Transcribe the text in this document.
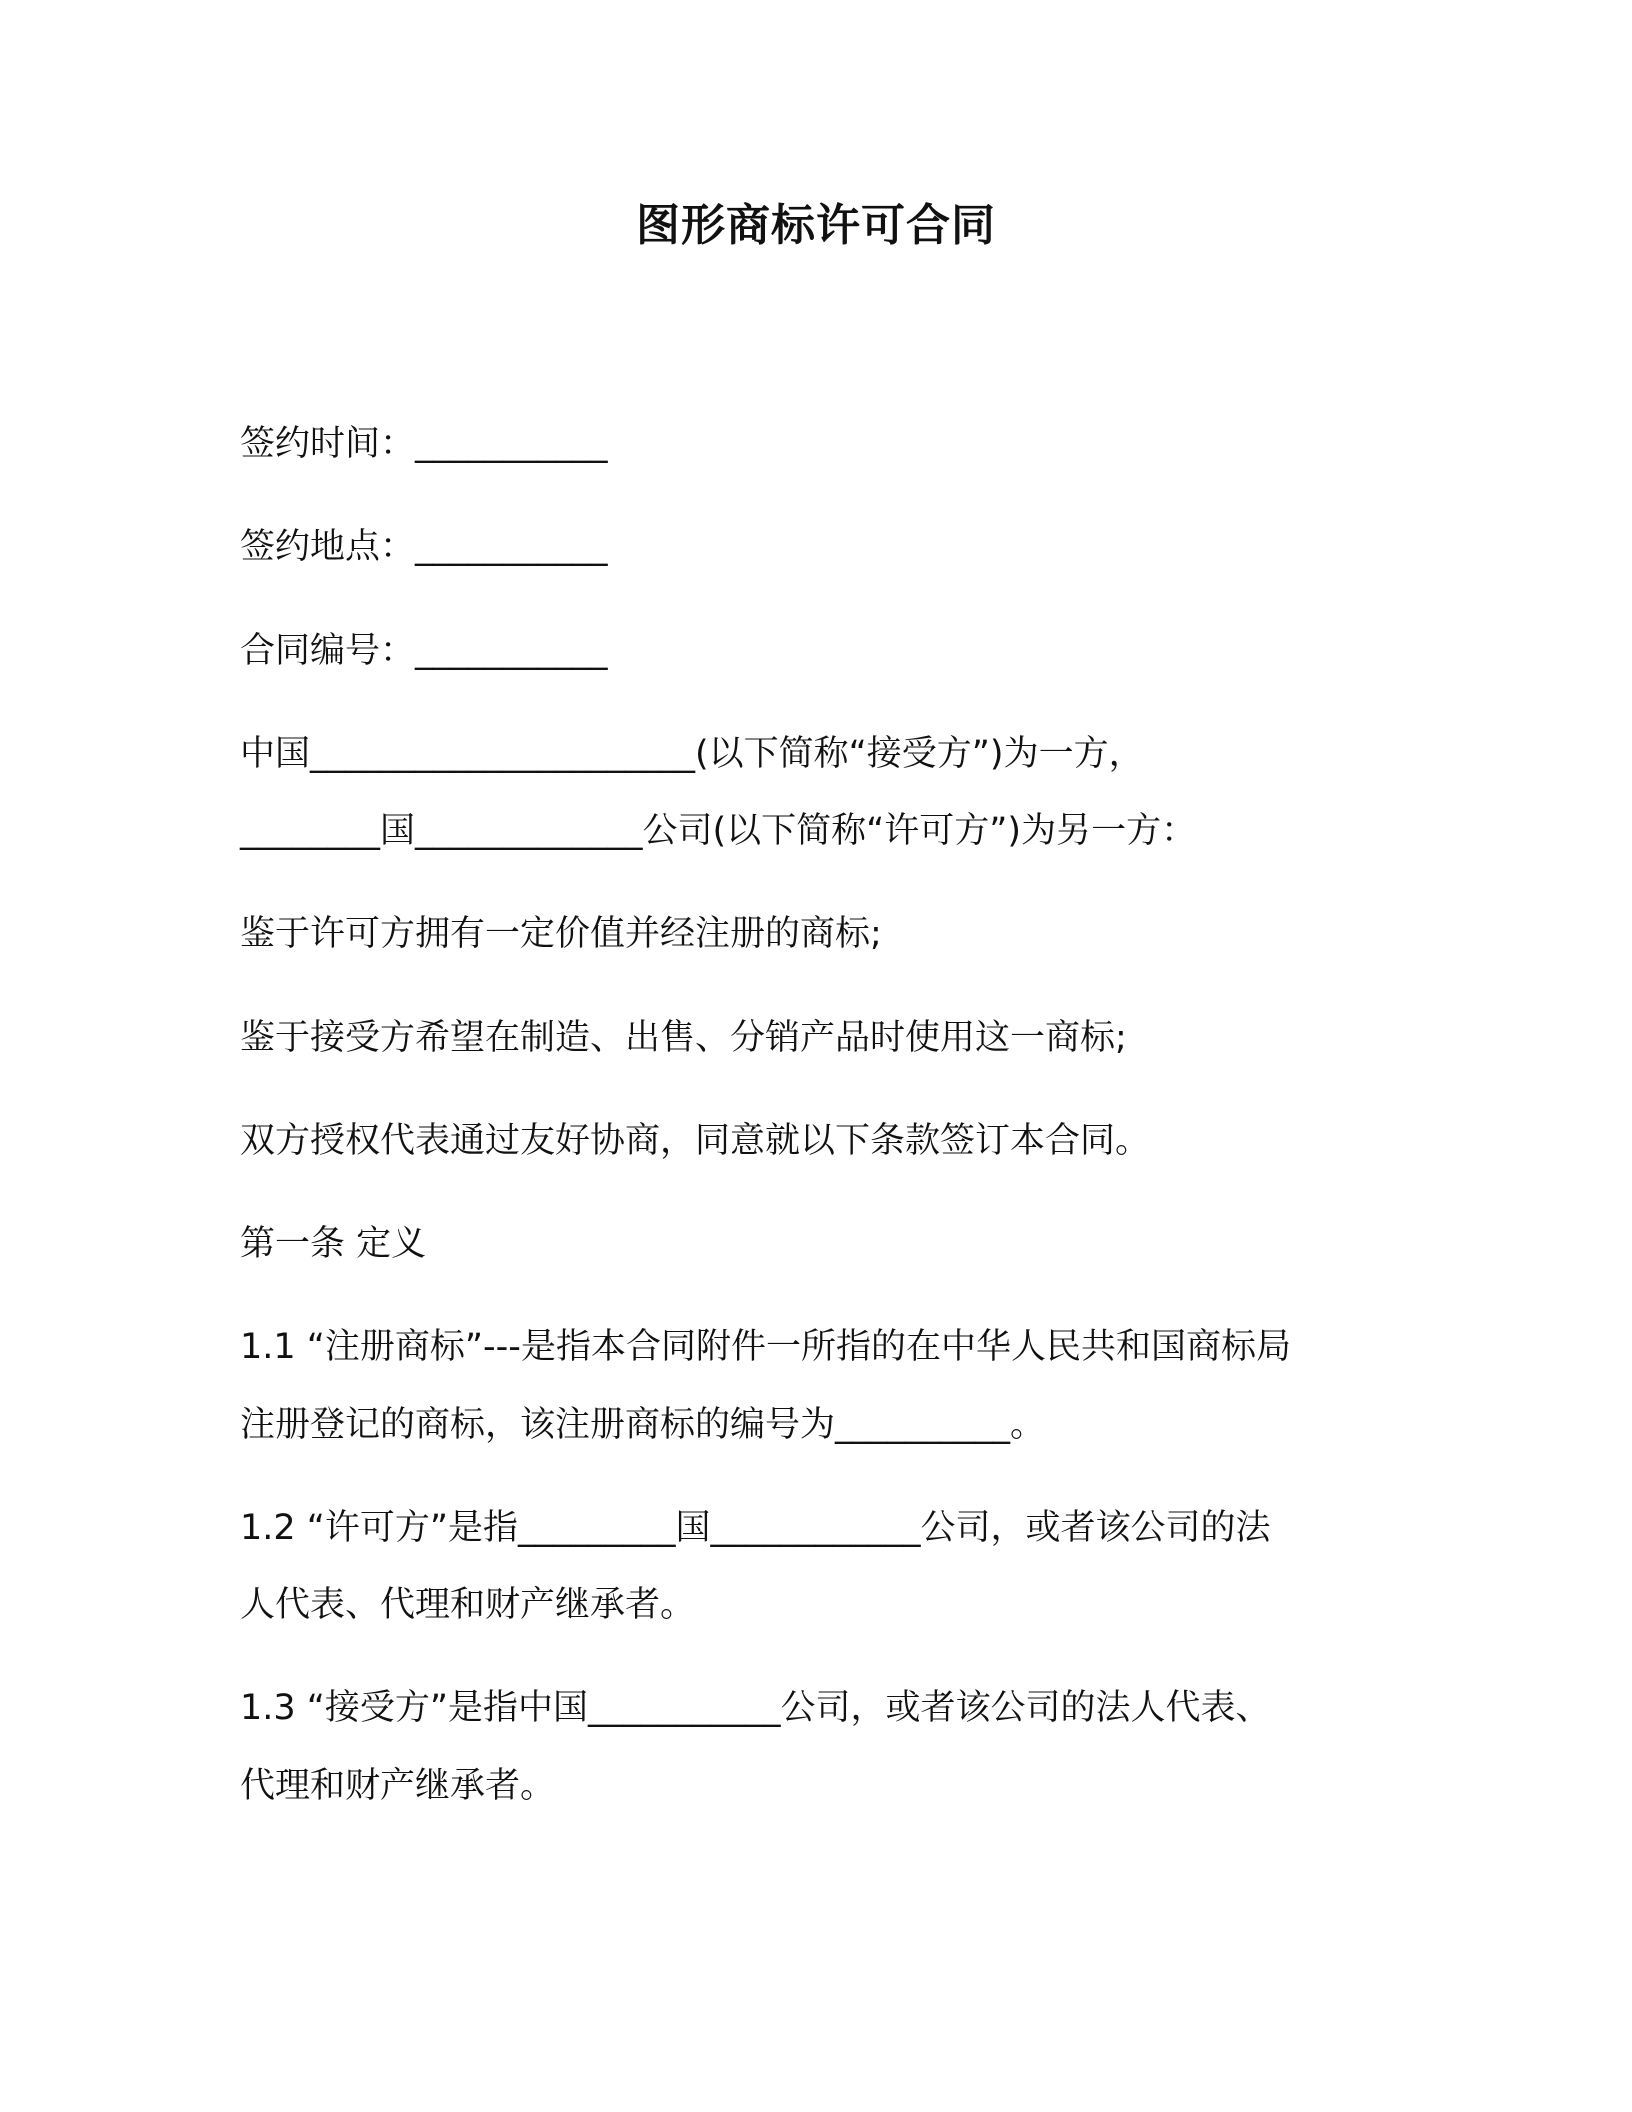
图形商标许可合同
签约时间：___________
签约地点：___________
合同编号：___________
中国______________________(以下简称“接受方”)为一方，
________国_____________公司(以下简称“许可方”)为另一方：
鉴于许可方拥有一定价值并经注册的商标;
鉴于接受方希望在制造、出售、分销产品时使用这一商标;
双方授权代表通过友好协商，同意就以下条款签订本合同。
第一条 定义
1.1 “注册商标”---是指本合同附件一所指的在中华人民共和国商标局
注册登记的商标，该注册商标的编号为__________。
1.2 “许可方”是指_________国____________公司，或者该公司的法
人代表、代理和财产继承者。
1.3 “接受方”是指中国___________公司，或者该公司的法人代表、
代理和财产继承者。
